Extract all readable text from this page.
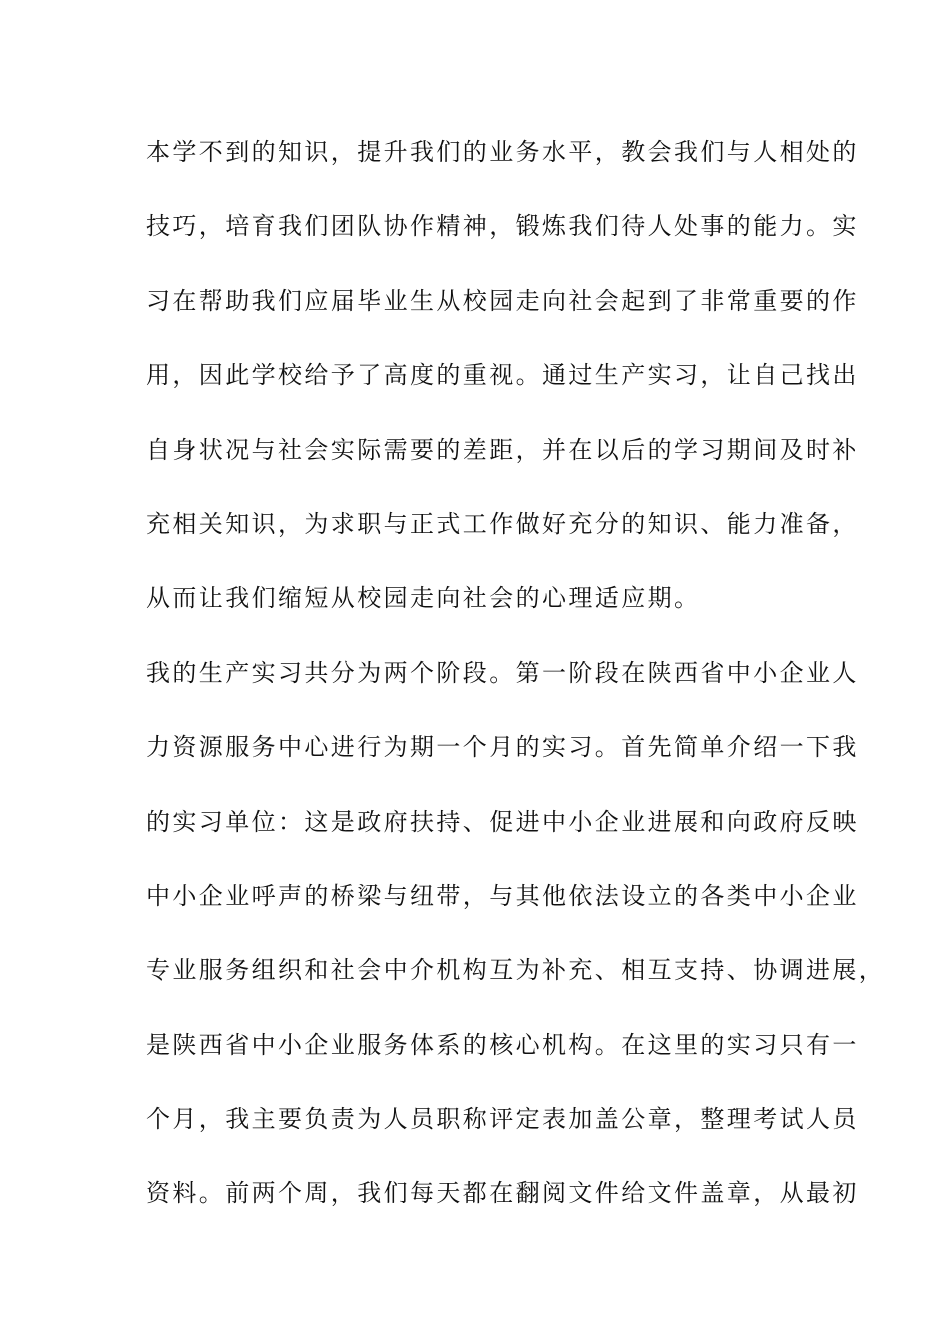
本学不到的知识，提升我们的业务水平，教会我们与人相处的
技巧，培育我们团队协作精神，锻炼我们待人处事的能力。实
习在帮助我们应届毕业生从校园走向社会起到了非常重要的作
用，因此学校给予了高度的重视。通过生产实习，让自己找出
自身状况与社会实际需要的差距，并在以后的学习期间及时补
充相关知识，为求职与正式工作做好充分的知识、能力准备，
从而让我们缩短从校园走向社会的心理适应期。
我的生产实习共分为两个阶段。第一阶段在陕西省中小企业人
力资源服务中心进行为期一个月的实习。首先简单介绍一下我
的实习单位：这是政府扶持、促进中小企业进展和向政府反映
中小企业呼声的桥梁与纽带，与其他依法设立的各类中小企业
专业服务组织和社会中介机构互为补充、相互支持、协调进展，
是陕西省中小企业服务体系的核心机构。在这里的实习只有一
个月，我主要负责为人员职称评定表加盖公章，整理考试人员
资料。前两个周，我们每天都在翻阅文件给文件盖章，从最初
